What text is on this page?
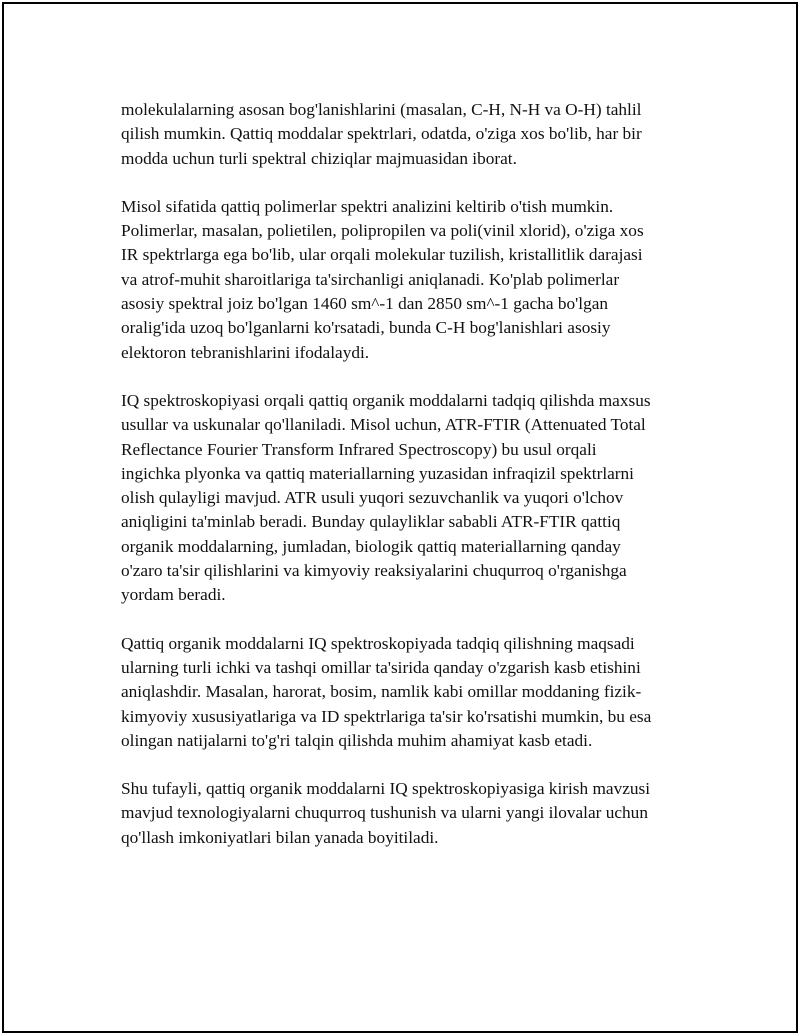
molekulalarning asosan bog'lanishlarini (masalan, C-H, N-H va O-H) tahlil
qilish mumkin. Qattiq moddalar spektrlari, odatda, o'ziga xos bo'lib, har bir
modda uchun turli spektral chiziqlar majmuasidan iborat.

Misol sifatida qattiq polimerlar spektri analizini keltirib o'tish mumkin.
Polimerlar, masalan, polietilen, polipropilen va poli(vinil xlorid), o'ziga xos
IR spektrlarga ega bo'lib, ular orqali molekular tuzilish, kristallitlik darajasi
va atrof-muhit sharoitlariga ta'sirchanligi aniqlanadi. Ko'plab polimerlar
asosiy spektral joiz bo'lgan 1460 sm^-1 dan 2850 sm^-1 gacha bo'lgan
oralig'ida uzoq bo'lganlarni ko'rsatadi, bunda C-H bog'lanishlari asosiy
elektoron tebranishlarini ifodalaydi.

IQ spektroskopiyasi orqali qattiq organik moddalarni tadqiq qilishda maxsus
usullar va uskunalar qo'llaniladi. Misol uchun, ATR-FTIR (Attenuated Total
Reflectance Fourier Transform Infrared Spectroscopy) bu usul orqali
ingichka plyonka va qattiq materiallarning yuzasidan infraqizil spektrlarni
olish qulayligi mavjud. ATR usuli yuqori sezuvchanlik va yuqori o'lchov
aniqligini ta'minlab beradi. Bunday qulayliklar sababli ATR-FTIR qattiq
organik moddalarning, jumladan, biologik qattiq materiallarning qanday
o'zaro ta'sir qilishlarini va kimyoviy reaksiyalarini chuqurroq o'rganishga
yordam beradi.

Qattiq organik moddalarni IQ spektroskopiyada tadqiq qilishning maqsadi
ularning turli ichki va tashqi omillar ta'sirida qanday o'zgarish kasb etishini
aniqlashdir. Masalan, harorat, bosim, namlik kabi omillar moddaning fizik-
kimyoviy xususiyatlariga va ID spektrlariga ta'sir ko'rsatishi mumkin, bu esa
olingan natijalarni to'g'ri talqin qilishda muhim ahamiyat kasb etadi.

Shu tufayli, qattiq organik moddalarni IQ spektroskopiyasiga kirish mavzusi
mavjud texnologiyalarni chuqurroq tushunish va ularni yangi ilovalar uchun
qo'llash imkoniyatlari bilan yanada boyitiladi.
